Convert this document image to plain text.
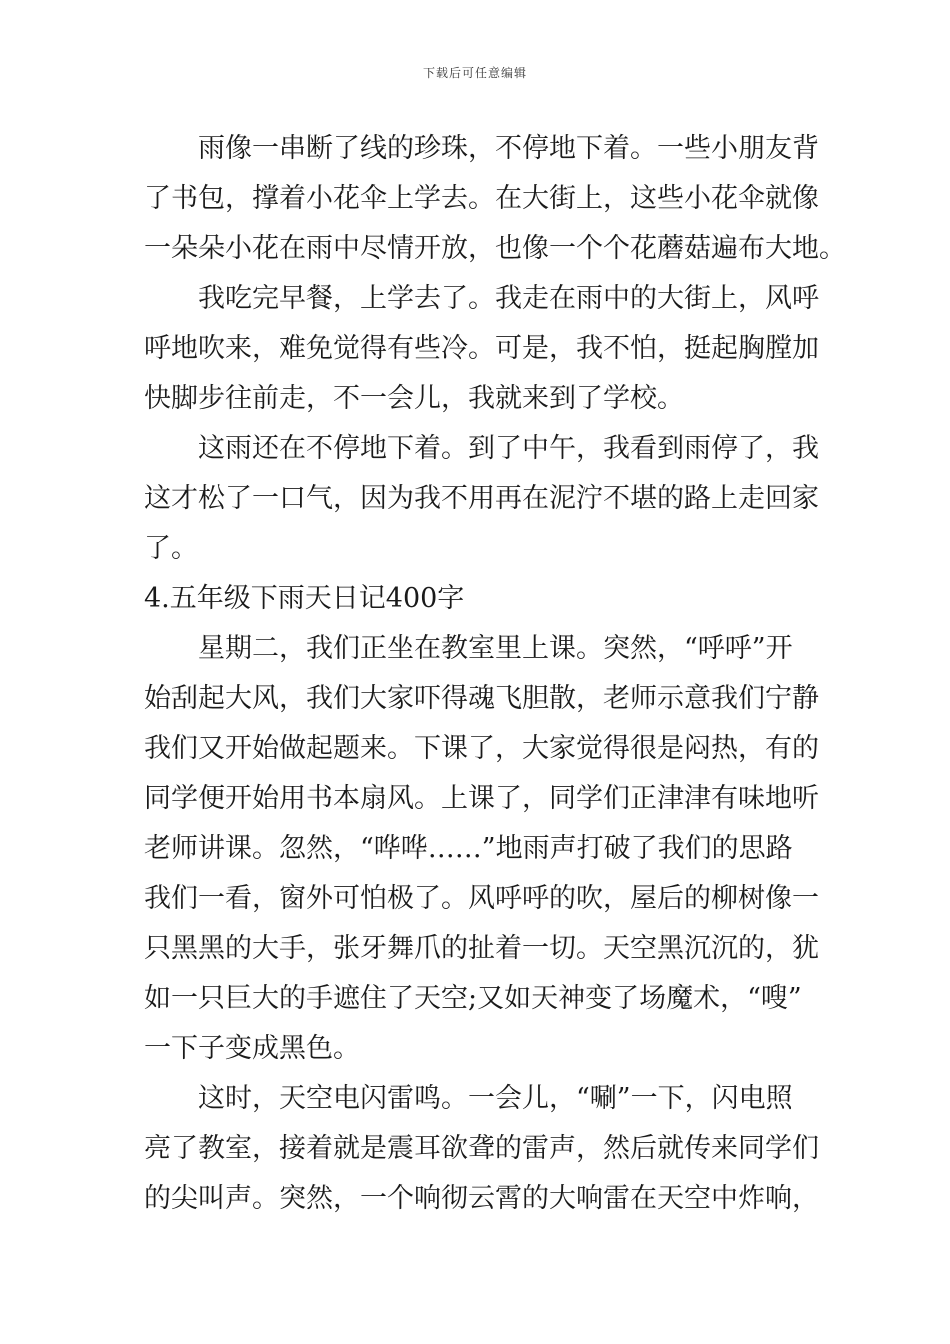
下载后可任意编辑
雨像一串断了线的珍珠，不停地下着。一些小朋友背
了书包，撑着小花伞上学去。在大街上，这些小花伞就像
一朵朵小花在雨中尽情开放，也像一个个花蘑菇遍布大地。
我吃完早餐，上学去了。我走在雨中的大街上，风呼
呼地吹来，难免觉得有些冷。可是，我不怕，挺起胸膛加
快脚步往前走，不一会儿，我就来到了学校。
这雨还在不停地下着。到了中午，我看到雨停了，我
这才松了一口气，因为我不用再在泥泞不堪的路上走回家
了。
4.五年级下雨天日记400字
星期二，我们正坐在教室里上课。突然，“呼呼”开
始刮起大风，我们大家吓得魂飞胆散，老师示意我们宁静
我们又开始做起题来。下课了，大家觉得很是闷热，有的
同学便开始用书本扇风。上课了，同学们正津津有味地听
老师讲课。忽然，“哗哗……”地雨声打破了我们的思路
我们一看，窗外可怕极了。风呼呼的吹，屋后的柳树像一
只黑黑的大手，张牙舞爪的扯着一切。天空黑沉沉的，犹
如一只巨大的手遮住了天空;又如天神变了场魔术，“嗖”
一下子变成黑色。
这时，天空电闪雷鸣。一会儿，“唰”一下，闪电照
亮了教室，接着就是震耳欲聋的雷声，然后就传来同学们
的尖叫声。突然，一个响彻云霄的大响雷在天空中炸响，
